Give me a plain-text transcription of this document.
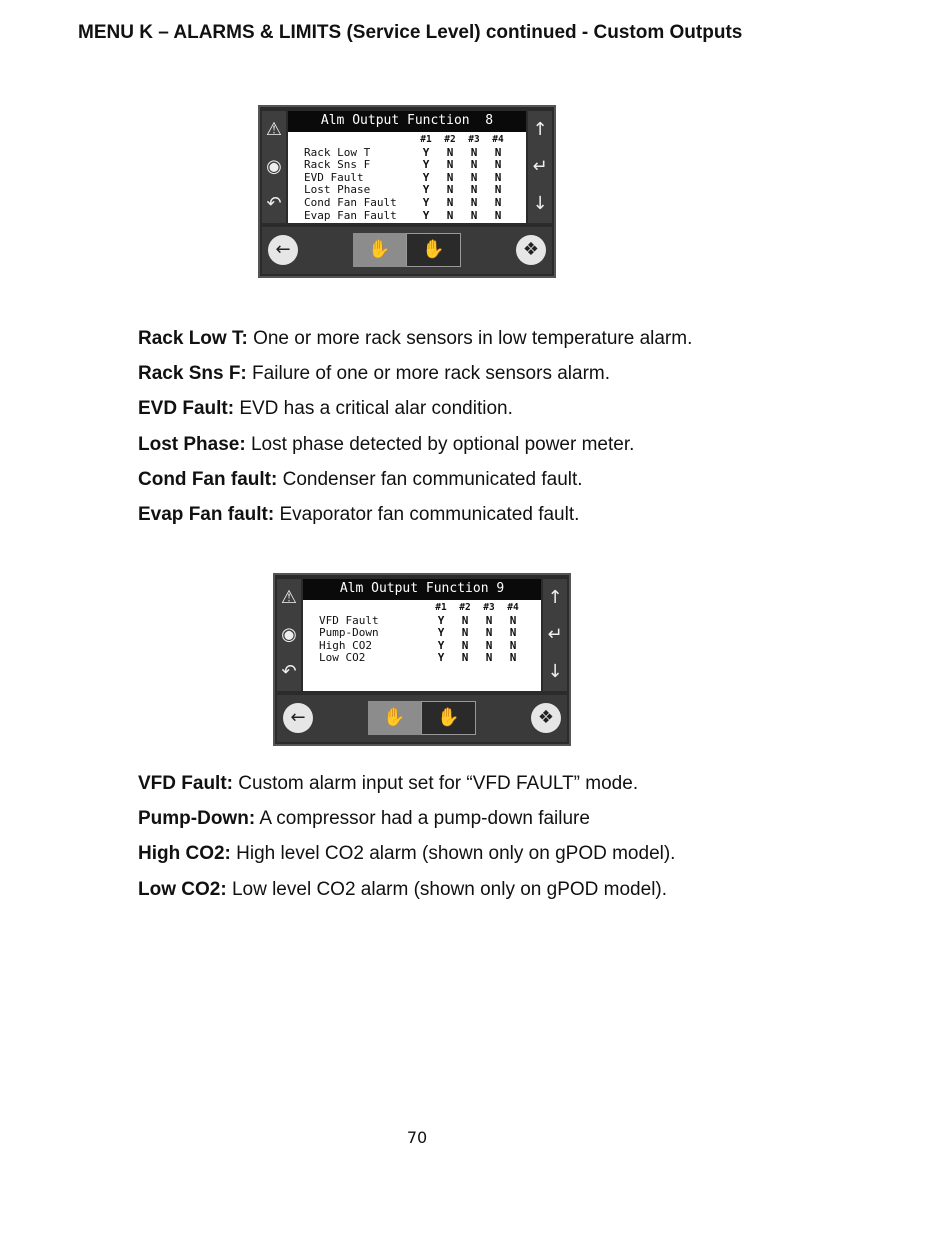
MENU K – ALARMS & LIMITS (Service Level) continued - Custom Outputs
⚠
◉
↶
Alm Output Function  8
	#1	#2	#3	#4
Rack Low T	Y	N	N	N
Rack Sns F	Y	N	N	N
EVD Fault	Y	N	N	N
Lost Phase	Y	N	N	N
Cond Fan Fault	Y	N	N	N
Evap Fan Fault	Y	N	N	N
↑
↵
↓
←	✋	✋	❖
Rack Low T: One or more rack sensors in low temperature alarm.
Rack Sns F: Failure of one or more rack sensors alarm.
EVD Fault: EVD has a critical alar condition.
Lost Phase: Lost phase detected by optional power meter.
Cond Fan fault: Condenser fan communicated fault.
Evap Fan fault: Evaporator fan communicated fault.
⚠
◉
↶
Alm Output Function 9
	#1	#2	#3	#4
VFD Fault	Y	N	N	N
Pump-Down	Y	N	N	N
High CO2	Y	N	N	N
Low CO2	Y	N	N	N
↑
↵
↓
←	✋	✋	❖
VFD Fault: Custom alarm input set for “VFD FAULT” mode.
Pump-Down: A compressor had a pump-down failure
High CO2: High level CO2 alarm (shown only on gPOD model).
Low CO2: Low level CO2 alarm (shown only on gPOD model).
70
